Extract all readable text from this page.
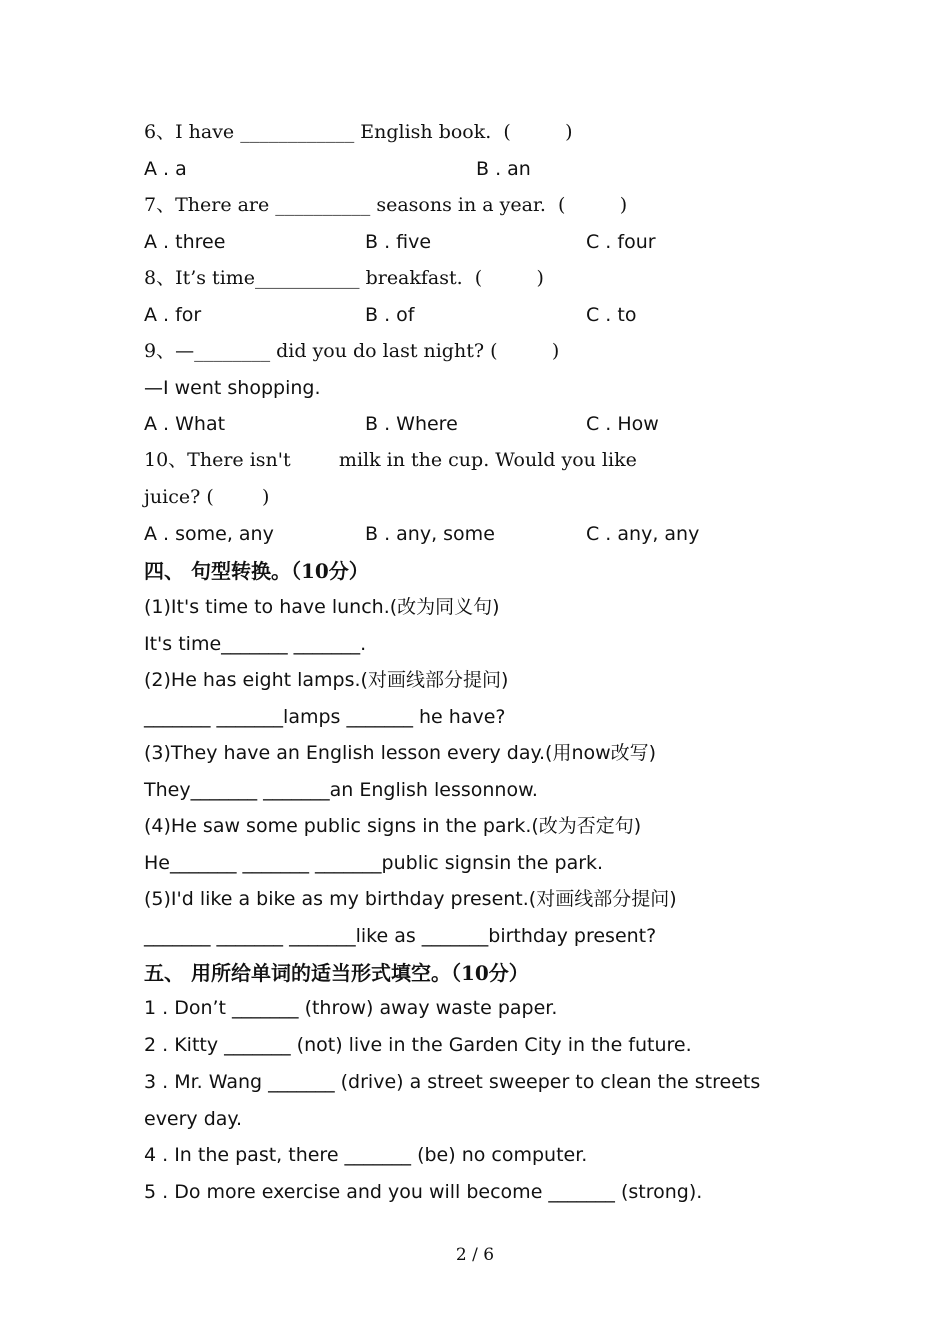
6、I have ____________ English book.  (         )
A . a	B . an
7、There are __________ seasons in a year.  (         )
A . three	B . five	C . four
8、It’s time___________ breakfast.  (         )
A . for	B . of	C . to
9、—________ did you do last night? (         )
—I went shopping.
A . What	B . Where	C . How
10、There isn't        milk in the cup. Would you like
juice? (        )
A . some, any	B . any, some	C . any, any
四、 句型转换。（10分）
(1)It's time to have lunch.(改为同义句)
It's time_______ _______.
(2)He has eight lamps.(对画线部分提问)
_______ _______lamps _______ he have?
(3)They have an English lesson every day.(用now改写)
They_______ _______an English lessonnow.
(4)He saw some public signs in the park.(改为否定句)
He_______ _______ _______public signsin the park.
(5)I'd like a bike as my birthday present.(对画线部分提问)
_______ _______ _______like as _______birthday present?
五、 用所给单词的适当形式填空。（10分）
1 . Don’t _______ (throw) away waste paper.
2 . Kitty _______ (not) live in the Garden City in the future.
3 . Mr. Wang _______ (drive) a street sweeper to clean the streets
every day.
4 . In the past, there _______ (be) no computer.
5 . Do more exercise and you will become _______ (strong).
2 / 6
